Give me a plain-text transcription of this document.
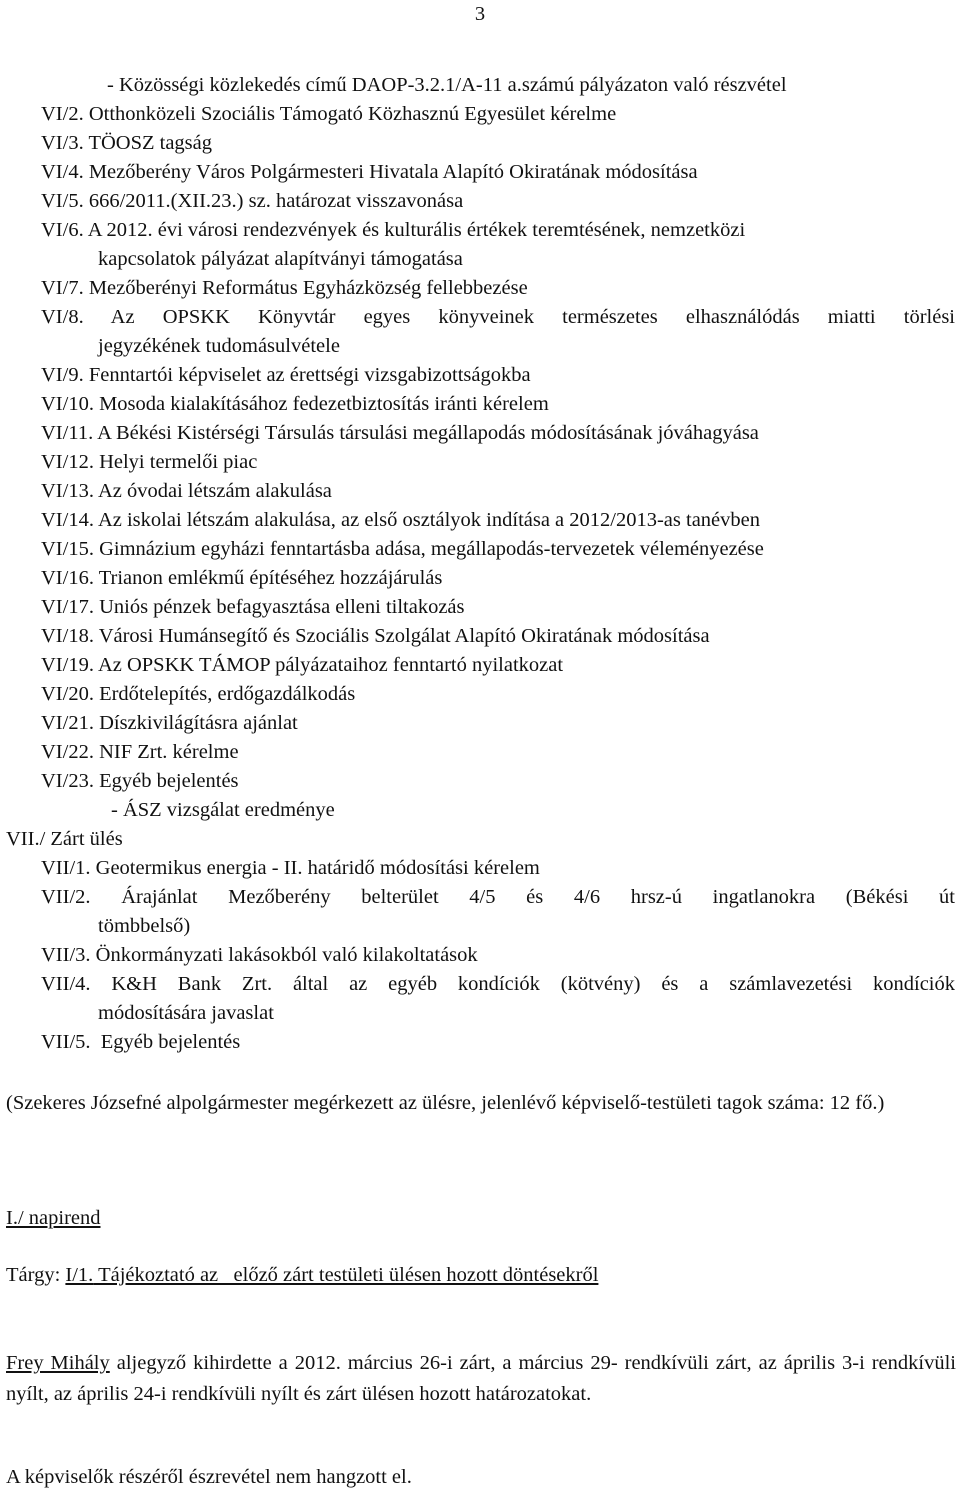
3
- Közösségi közlekedés című DAOP-3.2.1/A-11 a.számú pályázaton való részvétel
VI/2. Otthonközeli Szociális Támogató Közhasznú Egyesület kérelme
VI/3. TÖOSZ tagság
VI/4. Mezőberény Város Polgármesteri Hivatala Alapító Okiratának módosítása
VI/5. 666/2011.(XII.23.) sz. határozat visszavonása
VI/6. A 2012. évi városi rendezvények és kulturális értékek teremtésének, nemzetközi
kapcsolatok pályázat alapítványi támogatása
VI/7. Mezőberényi Református Egyházközség fellebbezése
VI/8. Az OPSKK Könyvtár egyes könyveinek természetes elhasználódás miatti törlési
jegyzékének tudomásulvétele
VI/9. Fenntartói képviselet az érettségi vizsgabizottságokba
VI/10. Mosoda kialakításához fedezetbiztosítás iránti kérelem
VI/11. A Békési Kistérségi Társulás társulási megállapodás módosításának jóváhagyása
VI/12. Helyi termelői piac
VI/13. Az óvodai létszám alakulása
VI/14. Az iskolai létszám alakulása, az első osztályok indítása a 2012/2013-as tanévben
VI/15. Gimnázium egyházi fenntartásba adása, megállapodás-tervezetek véleményezése
VI/16. Trianon emlékmű építéséhez hozzájárulás
VI/17. Uniós pénzek befagyasztása elleni tiltakozás
VI/18. Városi Humánsegítő és Szociális Szolgálat Alapító Okiratának módosítása
VI/19. Az OPSKK TÁMOP pályázataihoz fenntartó nyilatkozat
VI/20. Erdőtelepítés, erdőgazdálkodás
VI/21. Díszkivilágításra ajánlat
VI/22. NIF Zrt. kérelme
VI/23. Egyéb bejelentés
- ÁSZ vizsgálat eredménye
VII./ Zárt ülés
VII/1. Geotermikus energia - II. határidő módosítási kérelem
VII/2. Árajánlat Mezőberény belterület 4/5 és 4/6 hrsz-ú ingatlanokra (Békési út
tömbbelső)
VII/3. Önkormányzati lakásokból való kilakoltatások
VII/4. K&H Bank Zrt. által az egyéb kondíciók (kötvény) és a számlavezetési kondíciók
módosítására javaslat
VII/5.  Egyéb bejelentés
(Szekeres Józsefné alpolgármester megérkezett az ülésre, jelenlévő képviselő-testületi tagok száma: 12 fő.)
I./ napirend
Tárgy: I/1. Tájékoztató az   előző zárt testületi ülésen hozott döntésekről
Frey Mihály aljegyző kihirdette a 2012. március 26-i zárt, a március 29- rendkívüli zárt, az április 3-i rendkívüli nyílt, az április 24-i rendkívüli nyílt és zárt ülésen hozott határozatokat.
A képviselők részéről észrevétel nem hangzott el.
